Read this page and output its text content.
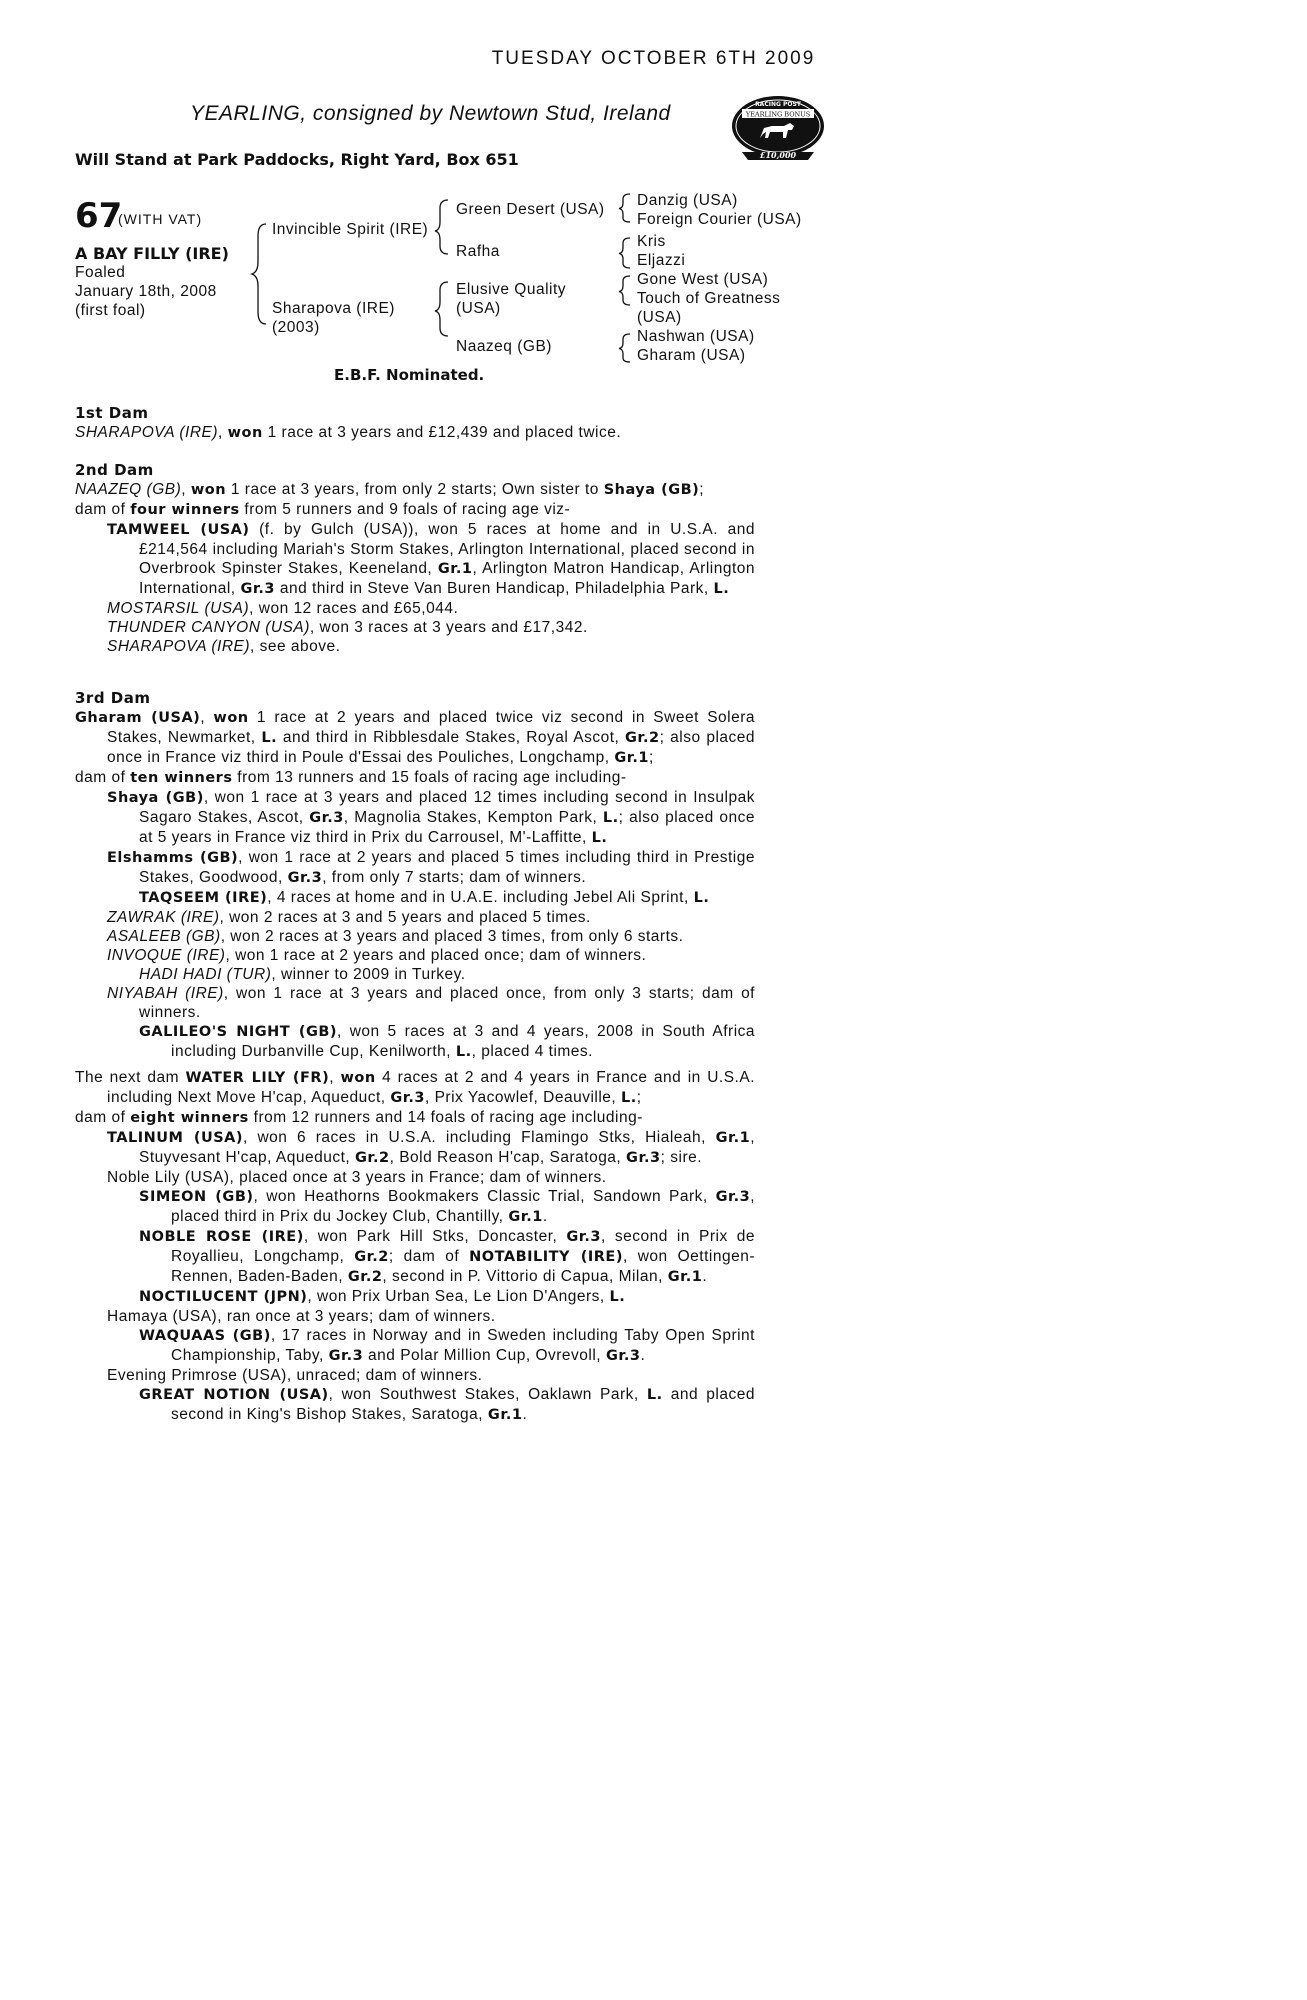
TUESDAY OCTOBER 6TH 2009
YEARLING, consigned by Newtown Stud, Ireland
Will Stand at Park Paddocks, Right Yard, Box 651
RACING POST
YEARLING BONUS
£10,000
67
(WITH VAT)
A BAY FILLY (IRE)
Foaled
January 18th, 2008
(first foal)
Invincible Spirit (IRE)
Sharapova (IRE)
(2003)
Green Desert (USA)
Rafha
Elusive Quality
(USA)
Naazeq (GB)
Danzig (USA)
Foreign Courier (USA)
Kris
Eljazzi
Gone West (USA)
Touch of Greatness
(USA)
Nashwan (USA)
Gharam (USA)
E.B.F. Nominated.
1st Dam
SHARAPOVA (IRE), won 1 race at 3 years and £12,439 and placed twice.
2nd Dam
NAAZEQ (GB), won 1 race at 3 years, from only 2 starts; Own sister to Shaya (GB);
dam of four winners from 5 runners and 9 foals of racing age viz-
TAMWEEL (USA) (f. by Gulch (USA)), won 5 races at home and in U.S.A. and £214,564 including Mariah's Storm Stakes, Arlington International, placed second in Overbrook Spinster Stakes, Keeneland, Gr.1, Arlington Matron Handicap, Arlington International, Gr.3 and third in Steve Van Buren Handicap, Philadelphia Park, L.
MOSTARSIL (USA), won 12 races and £65,044.
THUNDER CANYON (USA), won 3 races at 3 years and £17,342.
SHARAPOVA (IRE), see above.
3rd Dam
Gharam (USA), won 1 race at 2 years and placed twice viz second in Sweet Solera Stakes, Newmarket, L. and third in Ribblesdale Stakes, Royal Ascot, Gr.2; also placed once in France viz third in Poule d'Essai des Pouliches, Longchamp, Gr.1;
dam of ten winners from 13 runners and 15 foals of racing age including-
Shaya (GB), won 1 race at 3 years and placed 12 times including second in Insulpak Sagaro Stakes, Ascot, Gr.3, Magnolia Stakes, Kempton Park, L.; also placed once at 5 years in France viz third in Prix du Carrousel, M'-Laffitte, L.
Elshamms (GB), won 1 race at 2 years and placed 5 times including third in Prestige Stakes, Goodwood, Gr.3, from only 7 starts; dam of winners.
TAQSEEM (IRE), 4 races at home and in U.A.E. including Jebel Ali Sprint, L.
ZAWRAK (IRE), won 2 races at 3 and 5 years and placed 5 times.
ASALEEB (GB), won 2 races at 3 years and placed 3 times, from only 6 starts.
INVOQUE (IRE), won 1 race at 2 years and placed once; dam of winners.
HADI HADI (TUR), winner to 2009 in Turkey.
NIYABAH (IRE), won 1 race at 3 years and placed once, from only 3 starts; dam of winners.
GALILEO'S NIGHT (GB), won 5 races at 3 and 4 years, 2008 in South Africa including Durbanville Cup, Kenilworth, L., placed 4 times.
The next dam WATER LILY (FR), won 4 races at 2 and 4 years in France and in U.S.A. including Next Move H'cap, Aqueduct, Gr.3, Prix Yacowlef, Deauville, L.;
dam of eight winners from 12 runners and 14 foals of racing age including-
TALINUM (USA), won 6 races in U.S.A. including Flamingo Stks, Hialeah, Gr.1, Stuyvesant H'cap, Aqueduct, Gr.2, Bold Reason H'cap, Saratoga, Gr.3; sire.
Noble Lily (USA), placed once at 3 years in France; dam of winners.
SIMEON (GB), won Heathorns Bookmakers Classic Trial, Sandown Park, Gr.3, placed third in Prix du Jockey Club, Chantilly, Gr.1.
NOBLE ROSE (IRE), won Park Hill Stks, Doncaster, Gr.3, second in Prix de Royallieu, Longchamp, Gr.2; dam of NOTABILITY (IRE), won Oettingen-Rennen, Baden-Baden, Gr.2, second in P. Vittorio di Capua, Milan, Gr.1.
NOCTILUCENT (JPN), won Prix Urban Sea, Le Lion D'Angers, L.
Hamaya (USA), ran once at 3 years; dam of winners.
WAQUAAS (GB), 17 races in Norway and in Sweden including Taby Open Sprint Championship, Taby, Gr.3 and Polar Million Cup, Ovrevoll, Gr.3.
Evening Primrose (USA), unraced; dam of winners.
GREAT NOTION (USA), won Southwest Stakes, Oaklawn Park, L. and placed second in King's Bishop Stakes, Saratoga, Gr.1.
